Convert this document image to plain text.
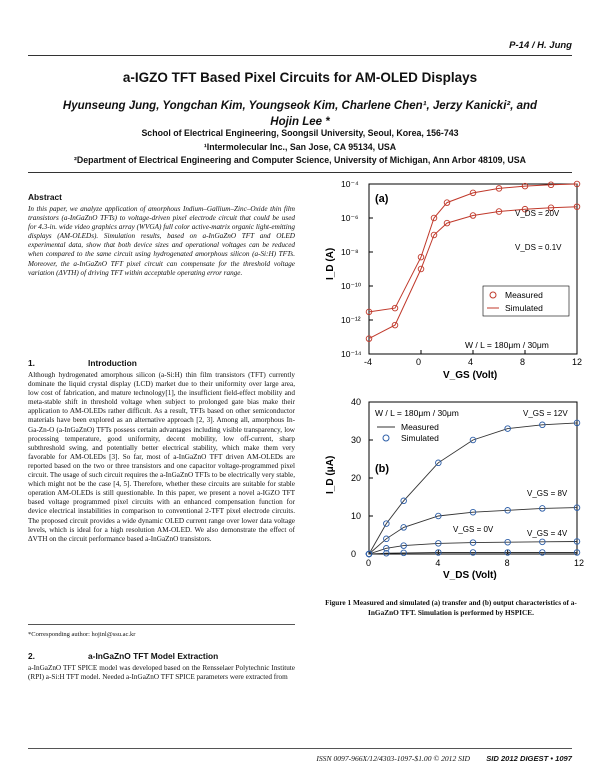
P-14 / H. Jung
a-IGZO TFT Based Pixel Circuits for AM-OLED Displays
Hyunseung Jung, Yongchan Kim, Youngseok Kim, Charlene Chen¹, Jerzy Kanicki², and Hojin Lee *
School of Electrical Engineering, Soongsil University, Seoul, Korea, 156-743
¹Intermolecular Inc., San Jose, CA 95134, USA
²Department of Electrical Engineering and Computer Science, University of Michigan, Ann Arbor 48109, USA
Abstract
In this paper, we analyze application of amorphous Indium–Gallium–Zinc–Oxide thin film transistors (a-InGaZnO TFTs) to voltage-driven pixel electrode circuit that could be used for 4.3-in. wide video graphics array (WVGA) full color active-matrix organic light-emitting displays (AM-OLEDs). Simulation results, based on a-InGaZnO TFT and OLED experimental data, show that both device sizes and operational voltages can be reduced when compared to the same circuit using hydrogenated amorphous silicon (a-Si:H) TFTs. Moreover, the a-InGaZnO TFT pixel circuit can compensate for the threshold voltage variation (ΔVTH) of driving TFT within acceptable operating error range.
1.	Introduction
Although hydrogenated amorphous silicon (a-Si:H) thin film transistors (TFT) currently dominate the liquid crystal display (LCD) market due to their uniformity over large area, low cost of fabrication, and mature technology[1], the insufficient field-effect mobility and meta-stable shift in threshold voltage when subject to prolonged gate bias make their application to AM-OLEDs rather difficult. As a result, TFTs based on other semiconductor materials have been explored as an alternative approach [2, 3]. Among all, amorphous In-Ga-Zn-O (a-InGaZnO) TFTs possess certain advantages including visible transparency, low processing temperature, good uniformity, decent mobility, low off-current, sharp subthreshold swing, and potentially better electrical stability, which make them very favorable for AM-OLEDs [3]. So far, most of a-InGaZnO TFT driven AM-OLEDs are reported based on the two or three transistors and one capacitor voltage-programmed pixel circuit. The usage of such circuit requires the a-InGaZnO TFTs to be electrically very stable, which might not be the case [4, 5]. Therefore, whether these circuits are suitable for stable operation AM-OLEDs is still questionable. In this paper, we present a novel a-IGZO TFT based voltage programmed pixel circuits with an enhanced compensation function for device electrical instabilities in comparison to conventional 2-TFT pixel electrode circuits. The proposed circuit provides a wide dynamic OLED current range over lower data voltage levels, which is ideal for a high resolution AM-OLED. We also demonstrate the effect of ΔVTH on the circuit performance based a-InGaZnO transistors.
*Corresponding author: hojinl@ssu.ac.kr
2.	a-InGaZnO TFT Model Extraction
a-InGaZnO TFT SPICE model was developed based on the Rensselaer Polytechnic Institute (RPI) a-Si:H TFT model. Needed a-InGaZnO TFT SPICE parameters were extracted from
-4	0	4	8	12
10⁻⁴
10⁻⁶
10⁻⁸
10⁻¹⁰
10⁻¹²
10⁻¹⁴
(a)
V_DS = 20V
V_DS = 0.1V
Measured
Simulated
W / L = 180μm / 30μm
I_D (A)
V_GS (Volt)
0	4	8	12
40
30
20
10
0
W / L = 180μm / 30μm
Measured
Simulated
(b)
V_GS = 12V
V_GS = 8V
V_GS = 4V
V_GS = 0V
I_D (μA)
V_DS (Volt)
Figure 1 Measured and simulated (a) transfer and (b) output characteristics of a-InGaZnO TFT. Simulation is performed by HSPICE.
ISSN 0097-966X/12/4303-1097-$1.00 © 2012 SID SID 2012 DIGEST • 1097
